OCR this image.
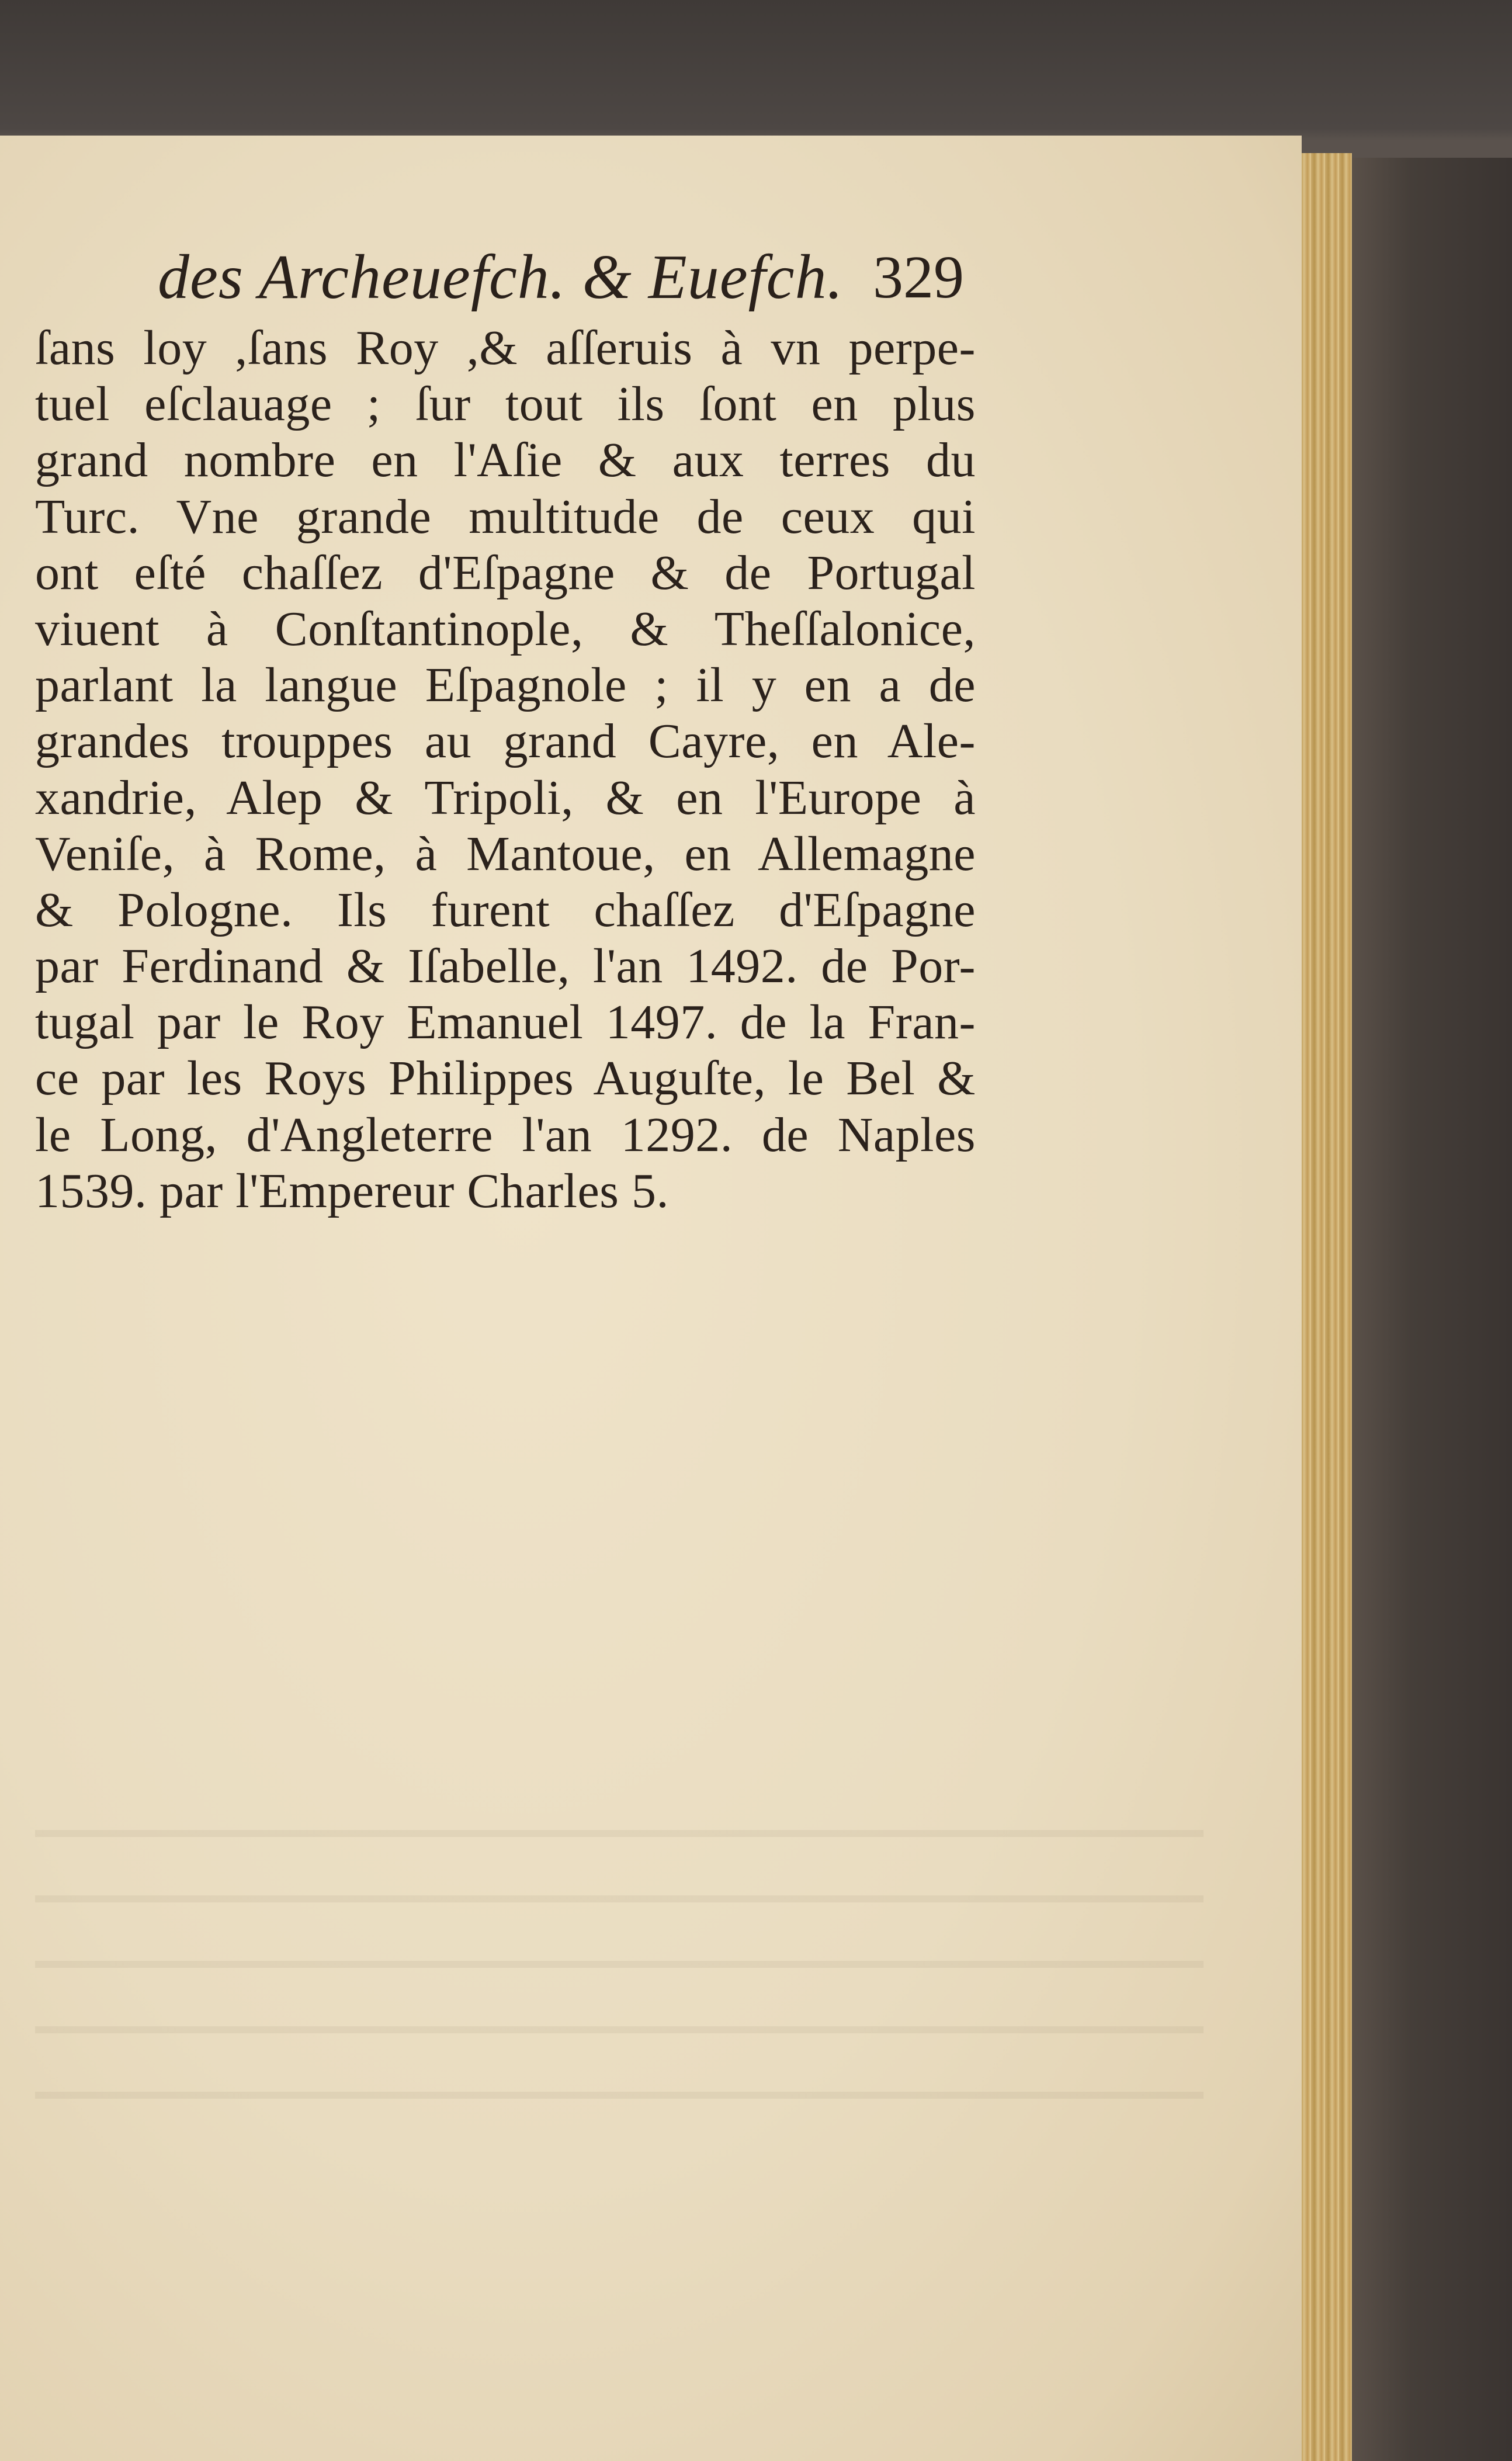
des Archeuefch. & Euefch. 329
ſans loy ,ſans Roy ,& aſſeruis à vn perpe-
tuel eſclauage ; ſur tout ils ſont en plus
grand nombre en l'Aſie & aux terres du
Turc. Vne grande multitude de ceux qui
ont eſté chaſſez d'Eſpagne & de Portugal
viuent à Conſtantinople, & Theſſalonice,
parlant la langue Eſpagnole ; il y en a de
grandes trouppes au grand Cayre, en Ale-
xandrie, Alep & Tripoli, & en l'Europe à
Veniſe, à Rome, à Mantoue, en Allemagne
& Pologne. Ils furent chaſſez d'Eſpagne
par Ferdinand & Iſabelle, l'an 1492. de Por-
tugal par le Roy Emanuel 1497. de la Fran-
ce par les Roys Philippes Auguſte, le Bel &
le Long, d'Angleterre l'an 1292. de Naples
1539. par l'Empereur Charles 5.
